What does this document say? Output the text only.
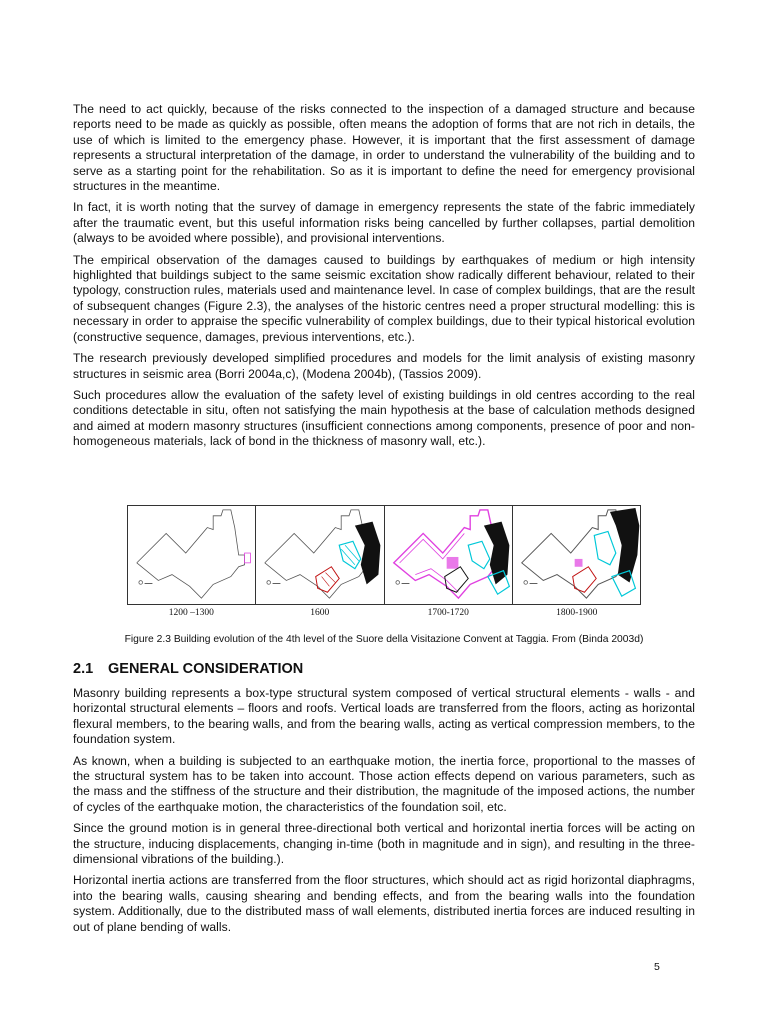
The need to act quickly, because of the risks connected to the inspection of a damaged structure and because reports need to be made as quickly as possible, often means the adoption of forms that are not rich in details, the use of which is limited to the emergency phase. However, it is important that the first assessment of damage represents a structural interpretation of the damage, in order to understand the vulnerability of the building and to serve as a starting point for the rehabilitation. So as it is important to define the need for emergency provisional structures in the meantime.

In fact, it is worth noting that the survey of damage in emergency represents the state of the fabric immediately after the traumatic event, but this useful information risks being cancelled by further collapses, partial demolition (always to be avoided where possible), and provisional interventions.

The empirical observation of the damages caused to buildings by earthquakes of medium or high intensity highlighted that buildings subject to the same seismic excitation show radically different behaviour, related to their typology, construction rules, materials used and maintenance level. In case of complex buildings, that are the result of subsequent changes (Figure 2.3), the analyses of the historic centres need a proper structural modelling: this is necessary in order to appraise the specific vulnerability of complex buildings, due to their typical historical evolution (constructive sequence, damages, previous interventions, etc.).

The research previously developed simplified procedures and models for the limit analysis of existing masonry structures in seismic area (Borri 2004a,c), (Modena 2004b), (Tassios 2009).

Such procedures allow the evaluation of the safety level of existing buildings in old centres according to the real conditions detectable in situ, often not satisfying the main hypothesis at the base of calculation methods designed and aimed at modern masonry structures (insufficient connections among components, presence of poor and non-homogeneous materials, lack of bond in the thickness of masonry wall, etc.).

1200 –1300	1600	1700-1720	1800-1900
Figure 2.3 Building evolution of the 4th level of the Suore della Visitazione Convent at Taggia. From (Binda 2003d)
2.1 GENERAL CONSIDERATION

Masonry building represents a box-type structural system composed of vertical structural elements - walls - and horizontal structural elements – floors and roofs. Vertical loads are transferred from the floors, acting as horizontal flexural members, to the bearing walls, and from the bearing walls, acting as vertical compression members, to the foundation system.

As known, when a building is subjected to an earthquake motion, the inertia force, proportional to the masses of the structural system has to be taken into account. Those action effects depend on various parameters, such as the mass and the stiffness of the structure and their distribution, the magnitude of the imposed actions, the number of cycles of the earthquake motion, the characteristics of the foundation soil, etc.

Since the ground motion is in general three-directional both vertical and horizontal inertia forces will be acting on the structure, inducing displacements, changing in-time (both in magnitude and in sign), and resulting in the three-dimensional vibrations of the building.).

Horizontal inertia actions are transferred from the floor structures, which should act as rigid horizontal diaphragms, into the bearing walls, causing shearing and bending effects, and from the bearing walls into the foundation system. Additionally, due to the distributed mass of wall elements, distributed inertia forces are induced resulting in out of plane bending of walls.

5
